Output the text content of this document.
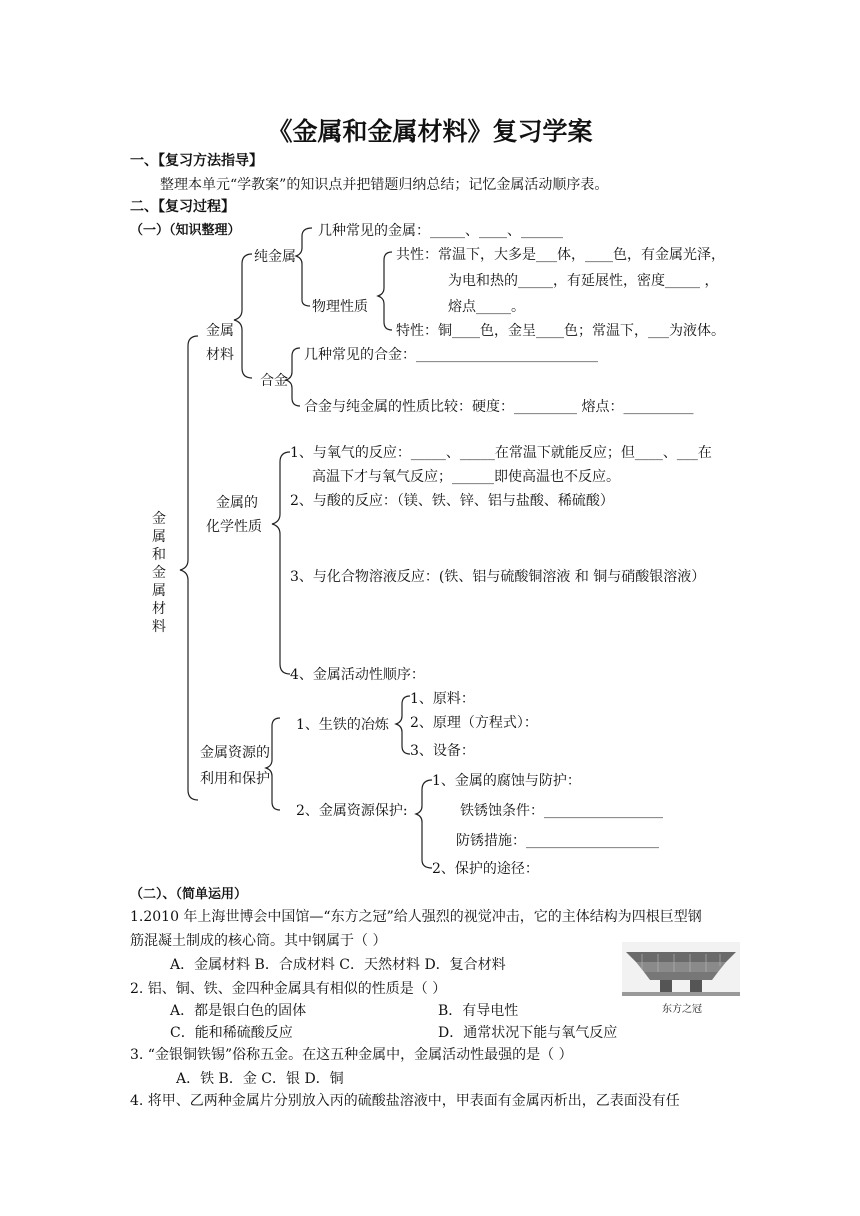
《金属和金属材料》复习学案
一、【复习方法指导】
整理本单元“学教案”的知识点并把错题归纳总结；记忆金属活动顺序表。
二、【复习过程】
（一）（知识整理）
金属和金属材料
金属
材料
纯金属
几种常见的金属：_____、____、______
物理性质
共性：常温下，大多是___体，____色，有金属光泽，
为电和热的_____，有延展性，密度_____ ，
熔点_____。
特性：铜____色，金呈____色；常温下，___为液体。
合金
几种常见的合金：__________________________
合金与纯金属的性质比较：硬度：_________ 熔点：__________
金属的
化学性质
1、与氧气的反应：_____、_____在常温下就能反应；但____、___在
高温下才与氧气反应；______即使高温也不反应。
2、与酸的反应：（镁、铁、锌、铝与盐酸、稀硫酸）
3、与化合物溶液反应：(铁、铝与硫酸铜溶液 和 铜与硝酸银溶液）
4、金属活动性顺序：
金属资源的
利用和保护
1、生铁的冶炼
1、原料：
2、原理（方程式）：
3、设备：
2、金属资源保护:
1、金属的腐蚀与防护：
铁锈蚀条件：_________________
防锈措施：___________________
2、保护的途径：
（二）、（简单运用）
1.2010 年上海世博会中国馆—“东方之冠”给人强烈的视觉冲击，它的主体结构为四根巨型钢
筋混凝土制成的核心筒。其中钢属于（ ）
A．金属材料 B．合成材料 C．天然材料 D．复合材料
东方之冠
2. 铝、铜、铁、金四种金属具有相似的性质是（ ）
A．都是银白色的固体	B．有导电性
C．能和稀硫酸反应	D．通常状况下能与氧气反应
3. “金银铜铁锡”俗称五金。在这五种金属中，金属活动性最强的是（ ）
A．铁 B．金 C．银 D．铜
4. 将甲、乙两种金属片分别放入丙的硫酸盐溶液中，甲表面有金属丙析出，乙表面没有任
